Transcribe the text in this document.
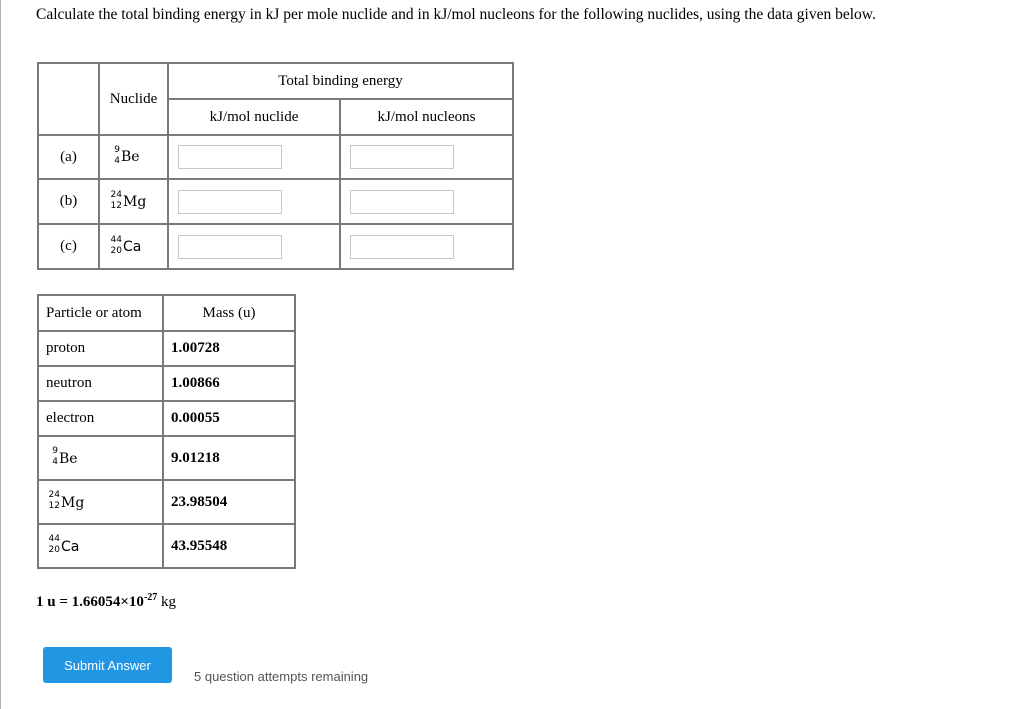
Calculate the total binding energy in kJ per mole nuclide and in kJ/mol nucleons for the following nuclides, using the data given below.
	Nuclide	Total binding energy	
		kJ/mol nuclide	kJ/mol nucleons
(a)	9
4 Be	

(b)	24
12 Mg	

(c)	44
20 Ca	

Particle or atom	Mass (u)
proton	1.00728
neutron	1.00866
electron	0.00055

9
4 Be	9.01218

24
12 Mg	23.98504

44
20 Ca	43.95548
1 $u = 1.66054\times 10^{-27}$ kg
Submit Answer
5 question attempts remaining
